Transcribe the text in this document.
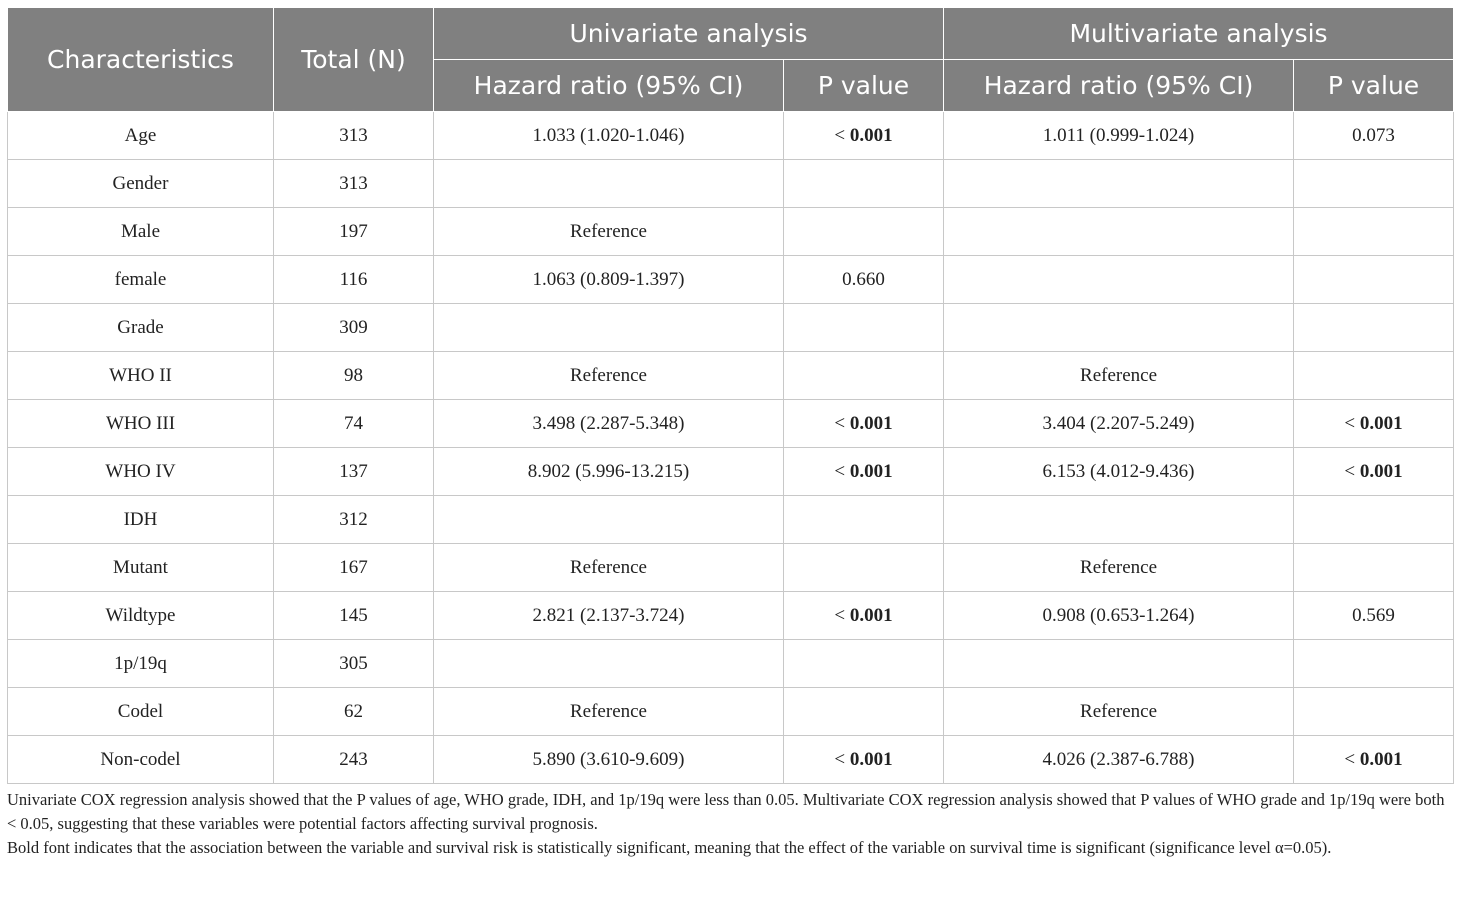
Characteristics	Total (N)	Univariate analysis		Multivariate analysis	
		Hazard ratio (95% CI)	P value	Hazard ratio (95% CI)	P value
Age	313	1.033 (1.020-1.046)	< 0.001	1.011 (0.999-1.024)	0.073
Gender	313				
Male	197	Reference			
female	116	1.063 (0.809-1.397)	0.660		
Grade	309				
WHO II	98	Reference		Reference	
WHO III	74	3.498 (2.287-5.348)	< 0.001	3.404 (2.207-5.249)	< 0.001
WHO IV	137	8.902 (5.996-13.215)	< 0.001	6.153 (4.012-9.436)	< 0.001
IDH	312				
Mutant	167	Reference		Reference	
Wildtype	145	2.821 (2.137-3.724)	< 0.001	0.908 (0.653-1.264)	0.569
1p/19q	305				
Codel	62	Reference		Reference	
Non-codel	243	5.890 (3.610-9.609)	< 0.001	4.026 (2.387-6.788)	< 0.001

Univariate COX regression analysis showed that the P values of age, WHO grade, IDH, and 1p/19q were less than 0.05. Multivariate COX regression analysis showed that P values of WHO grade and 1p/19q were both < 0.05, suggesting that these variables were potential factors affecting survival prognosis.

Bold font indicates that the association between the variable and survival risk is statistically significant, meaning that the effect of the variable on survival time is significant (significance level α=0.05).
